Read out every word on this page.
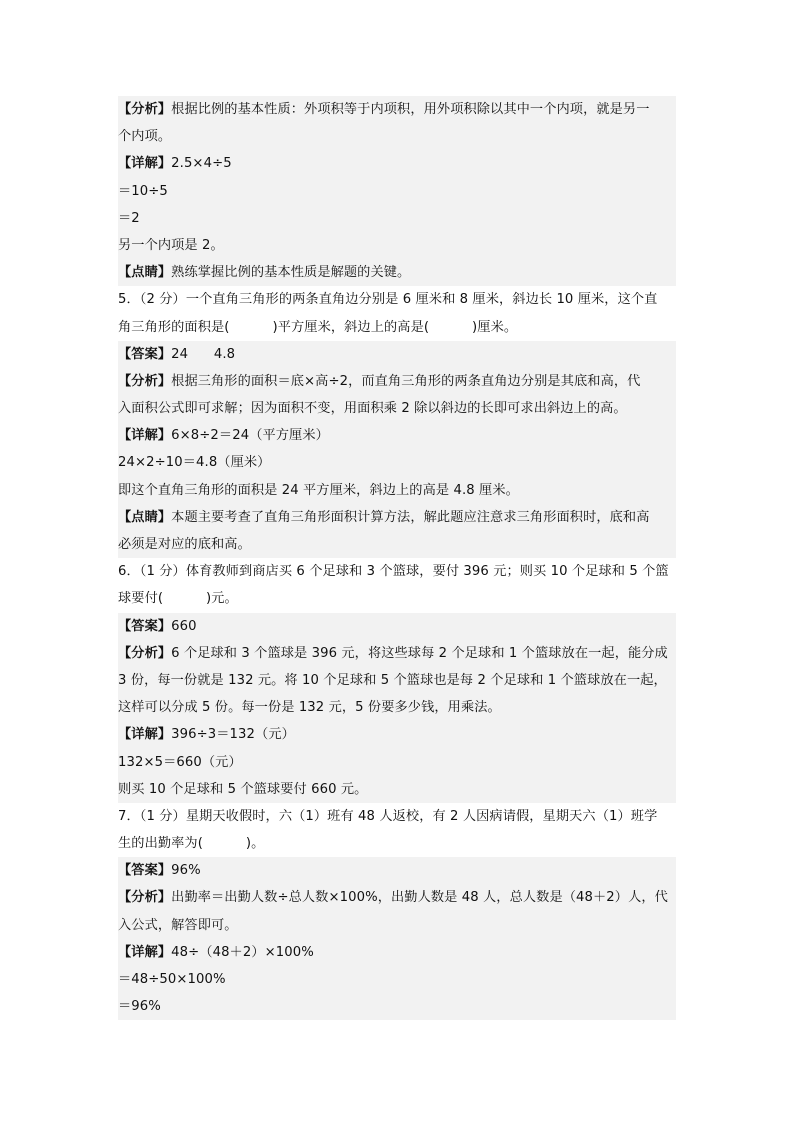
【分析】根据比例的基本性质：外项积等于内项积，用外项积除以其中一个内项，就是另一
个内项。
【详解】2.5×4÷5
＝10÷5
＝2
另一个内项是 2。
【点睛】熟练掌握比例的基本性质是解题的关键。
5．（2 分）一个直角三角形的两条直角边分别是 6 厘米和 8 厘米，斜边长 10 厘米，这个直
角三角形的面积是(          )平方厘米，斜边上的高是(          )厘米。
【答案】24      4.8
【分析】根据三角形的面积＝底×高÷2，而直角三角形的两条直角边分别是其底和高，代
入面积公式即可求解；因为面积不变，用面积乘 2 除以斜边的长即可求出斜边上的高。
【详解】6×8÷2＝24（平方厘米）
24×2÷10＝4.8（厘米）
即这个直角三角形的面积是 24 平方厘米，斜边上的高是 4.8 厘米。
【点睛】本题主要考查了直角三角形面积计算方法，解此题应注意求三角形面积时，底和高
必须是对应的底和高。
6．（1 分）体育教师到商店买 6 个足球和 3 个篮球，要付 396 元；则买 10 个足球和 5 个篮
球要付(          )元。
【答案】660
【分析】6 个足球和 3 个篮球是 396 元，将这些球每 2 个足球和 1 个篮球放在一起，能分成
3 份，每一份就是 132 元。将 10 个足球和 5 个篮球也是每 2 个足球和 1 个篮球放在一起，
这样可以分成 5 份。每一份是 132 元，5 份要多少钱，用乘法。
【详解】396÷3＝132（元）
132×5＝660（元）
则买 10 个足球和 5 个篮球要付 660 元。
7．（1 分）星期天收假时，六（1）班有 48 人返校，有 2 人因病请假，星期天六（1）班学
生的出勤率为(          )。
【答案】96%
【分析】出勤率＝出勤人数÷总人数×100%，出勤人数是 48 人，总人数是（48＋2）人，代
入公式，解答即可。
【详解】48÷（48＋2）×100%
＝48÷50×100%
＝96%
